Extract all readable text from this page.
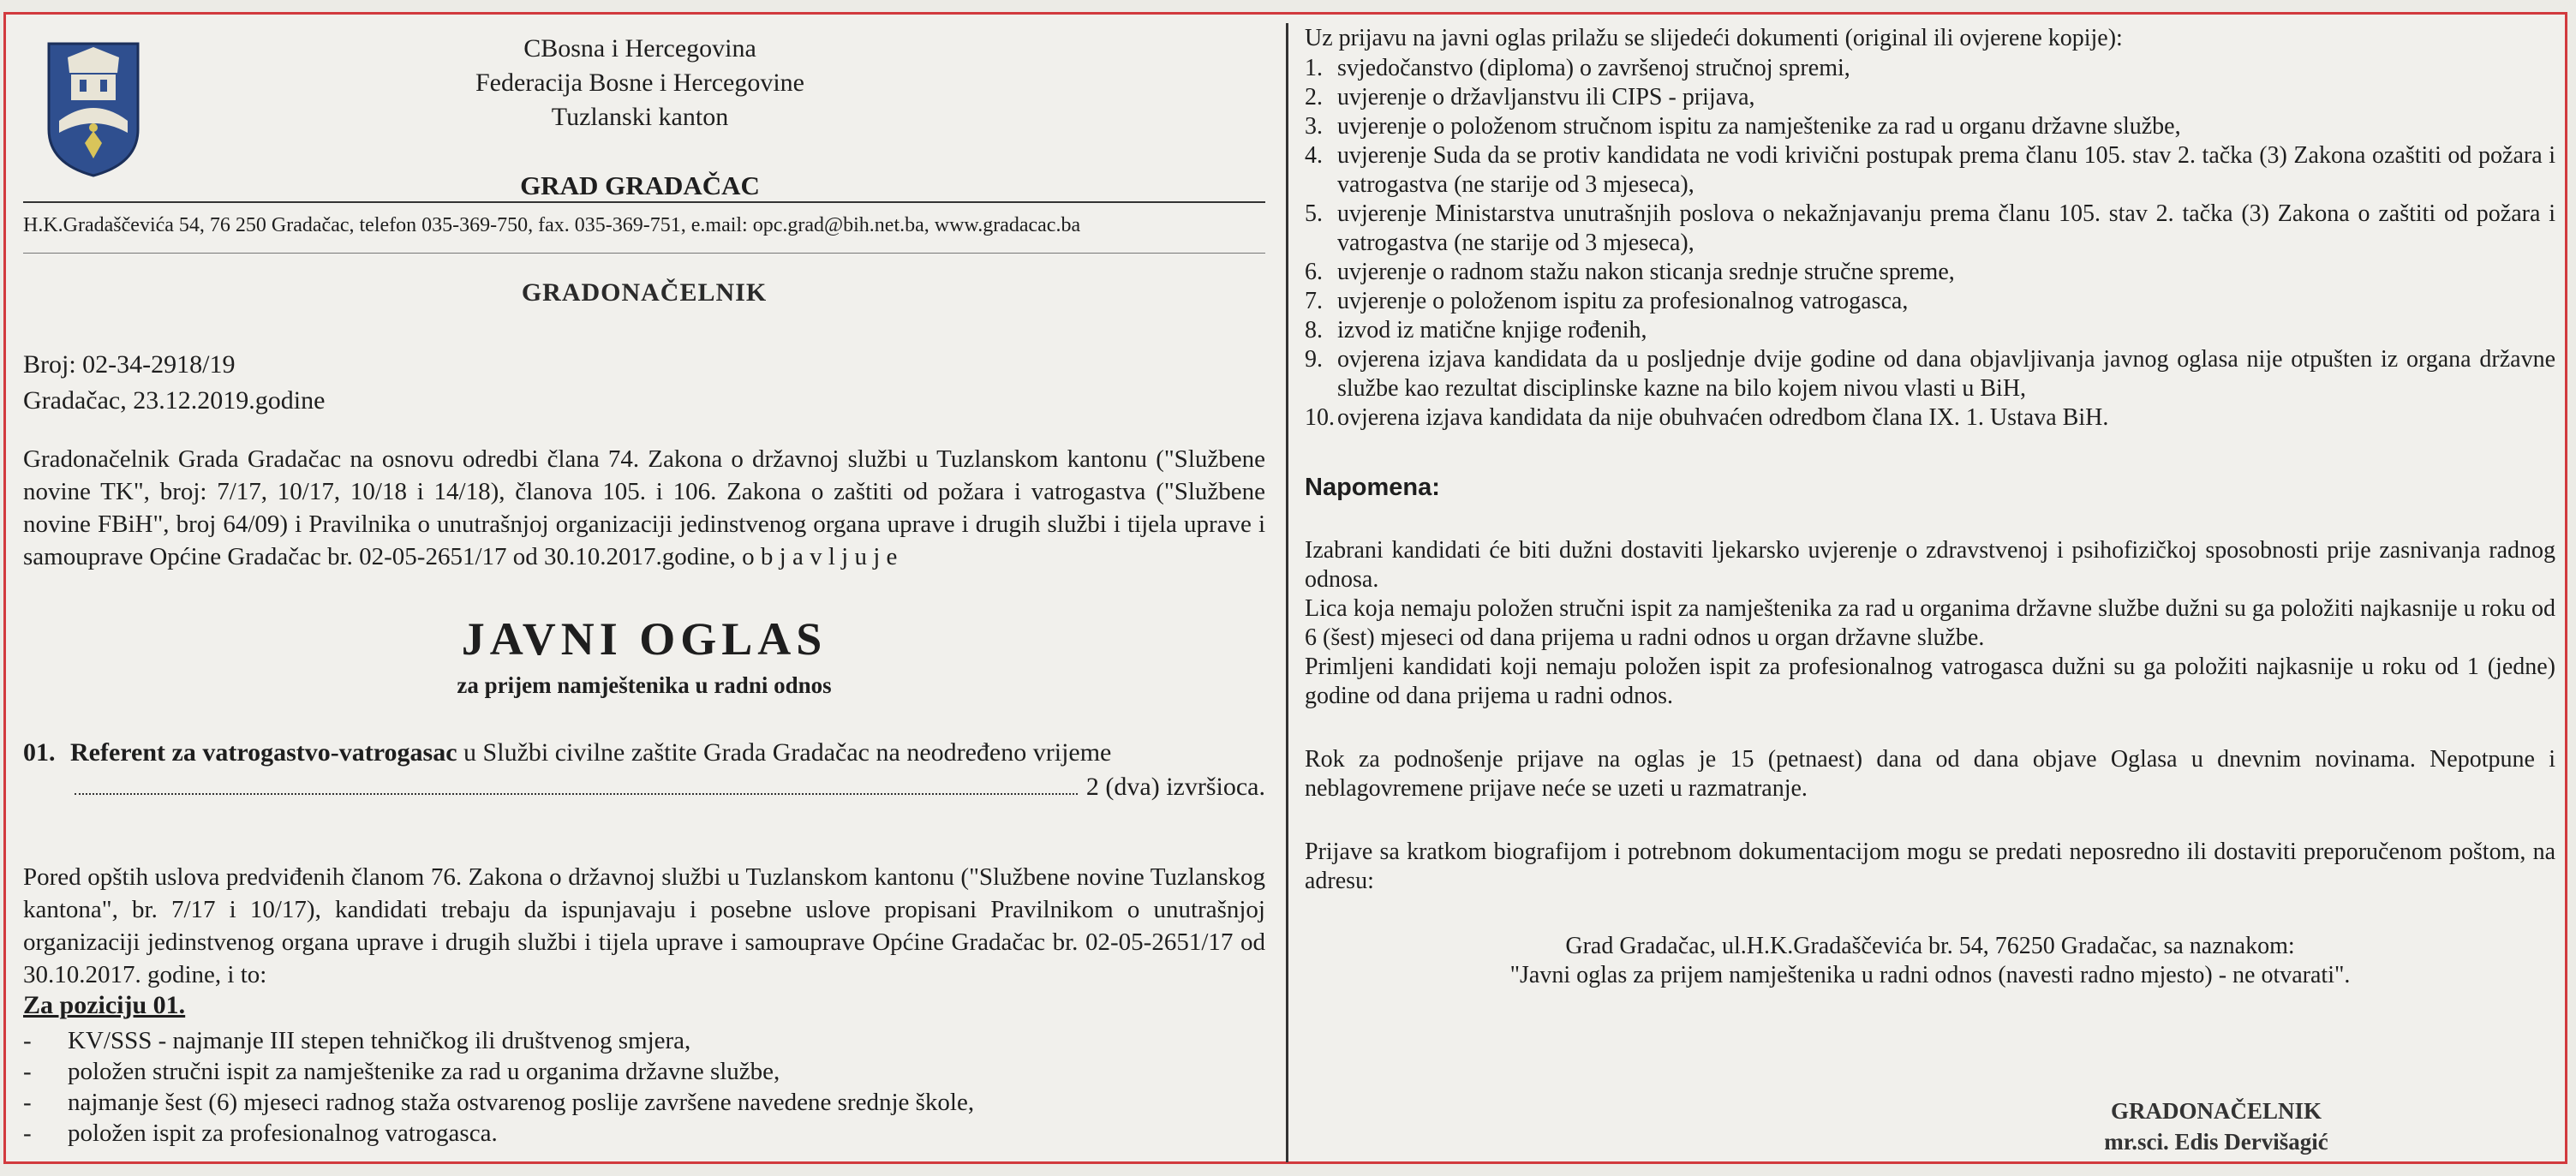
CBosna i Hercegovina
Federacija Bosne i Hercegovine
Tuzlanski kanton
GRAD GRADAČAC
H.K.Gradaščevića 54, 76 250 Gradačac, telefon 035-369-750, fax. 035-369-751, e.mail: opc.grad@bih.net.ba, www.gradacac.ba
GRADONAČELNIK
Broj: 02-34-2918/19
Gradačac, 23.12.2019.godine
Gradonačelnik Grada Gradačac na osnovu odredbi člana 74. Zakona o državnoj službi u Tuzlanskom kantonu ("Službene novine TK", broj: 7/17, 10/17, 10/18 i 14/18), članova 105. i 106. Zakona o zaštiti od požara i vatrogastva ("Službene novine FBiH", broj 64/09) i Pravilnika o unutrašnjoj organizaciji jedinstvenog organa uprave i drugih službi i tijela uprave i samouprave Općine Gradačac br. 02-05-2651/17 od 30.10.2017.godine, o b j a v l j u j e
JAVNI OGLAS
za prijem namještenika u radni odnos
01. Referent za vatrogastvo-vatrogasac u Službi civilne zaštite Grada Gradačac na neodređeno vrijeme
2 (dva) izvršioca.
Pored opštih uslova predviđenih članom 76. Zakona o državnoj službi u Tuzlanskom kantonu ("Službene novine Tuzlanskog kantona", br. 7/17 i 10/17), kandidati trebaju da ispunjavaju i posebne uslove propisani Pravilnikom o unutrašnjoj organizaciji jedinstvenog organa uprave i drugih službi i tijela uprave i samouprave Općine Gradačac br. 02-05-2651/17 od 30.10.2017. godine, i to:
Za poziciju 01.
- KV/SSS - najmanje III stepen tehničkog ili društvenog smjera,
- položen stručni ispit za namještenike za rad u organima državne službe,
- najmanje šest (6) mjeseci radnog staža ostvarenog poslije završene navedene srednje škole,
- položen ispit za profesionalnog vatrogasca.
Uz prijavu na javni oglas prilažu se slijedeći dokumenti (original ili ovjerene kopije):
1. svjedočanstvo (diploma) o završenoj stručnoj spremi,
2. uvjerenje o državljanstvu ili CIPS - prijava,
3. uvjerenje o položenom stručnom ispitu za namještenike za rad u organu državne službe,
4. uvjerenje Suda da se protiv kandidata ne vodi krivični postupak prema članu 105. stav 2. tačka (3) Zakona ozaštiti od požara i vatrogastva (ne starije od 3 mjeseca),
5. uvjerenje Ministarstva unutrašnjih poslova o nekažnjavanju prema članu 105. stav 2. tačka (3) Zakona o zaštiti od požara i vatrogastva (ne starije od 3 mjeseca),
6. uvjerenje o radnom stažu nakon sticanja srednje stručne spreme,
7. uvjerenje o položenom ispitu za profesionalnog vatrogasca,
8. izvod iz matične knjige rođenih,
9. ovjerena izjava kandidata da u posljednje dvije godine od dana objavljivanja javnog oglasa nije otpušten iz organa državne službe kao rezultat disciplinske kazne na bilo kojem nivou vlasti u BiH,
10. ovjerena izjava kandidata da nije obuhvaćen odredbom člana IX. 1. Ustava BiH.
Napomena:
Izabrani kandidati će biti dužni dostaviti ljekarsko uvjerenje o zdravstvenoj i psihofizičkoj sposobnosti prije zasnivanja radnog odnosa.
Lica koja nemaju položen stručni ispit za namještenika za rad u organima državne službe dužni su ga položiti najkasnije u roku od 6 (šest) mjeseci od dana prijema u radni odnos u organ državne službe.
Primljeni kandidati koji nemaju položen ispit za profesionalnog vatrogasca dužni su ga položiti najkasnije u roku od 1 (jedne) godine od dana prijema u radni odnos.
Rok za podnošenje prijave na oglas je 15 (petnaest) dana od dana objave Oglasa u dnevnim novinama. Nepotpune i neblagovremene prijave neće se uzeti u razmatranje.
Prijave sa kratkom biografijom i potrebnom dokumentacijom mogu se predati neposredno ili dostaviti preporučenom poštom, na adresu:
Grad Gradačac, ul.H.K.Gradaščevića br. 54, 76250 Gradačac, sa naznakom:
"Javni oglas za prijem namještenika u radni odnos (navesti radno mjesto) - ne otvarati".
GRADONAČELNIK
mr.sci. Edis Dervišagić
